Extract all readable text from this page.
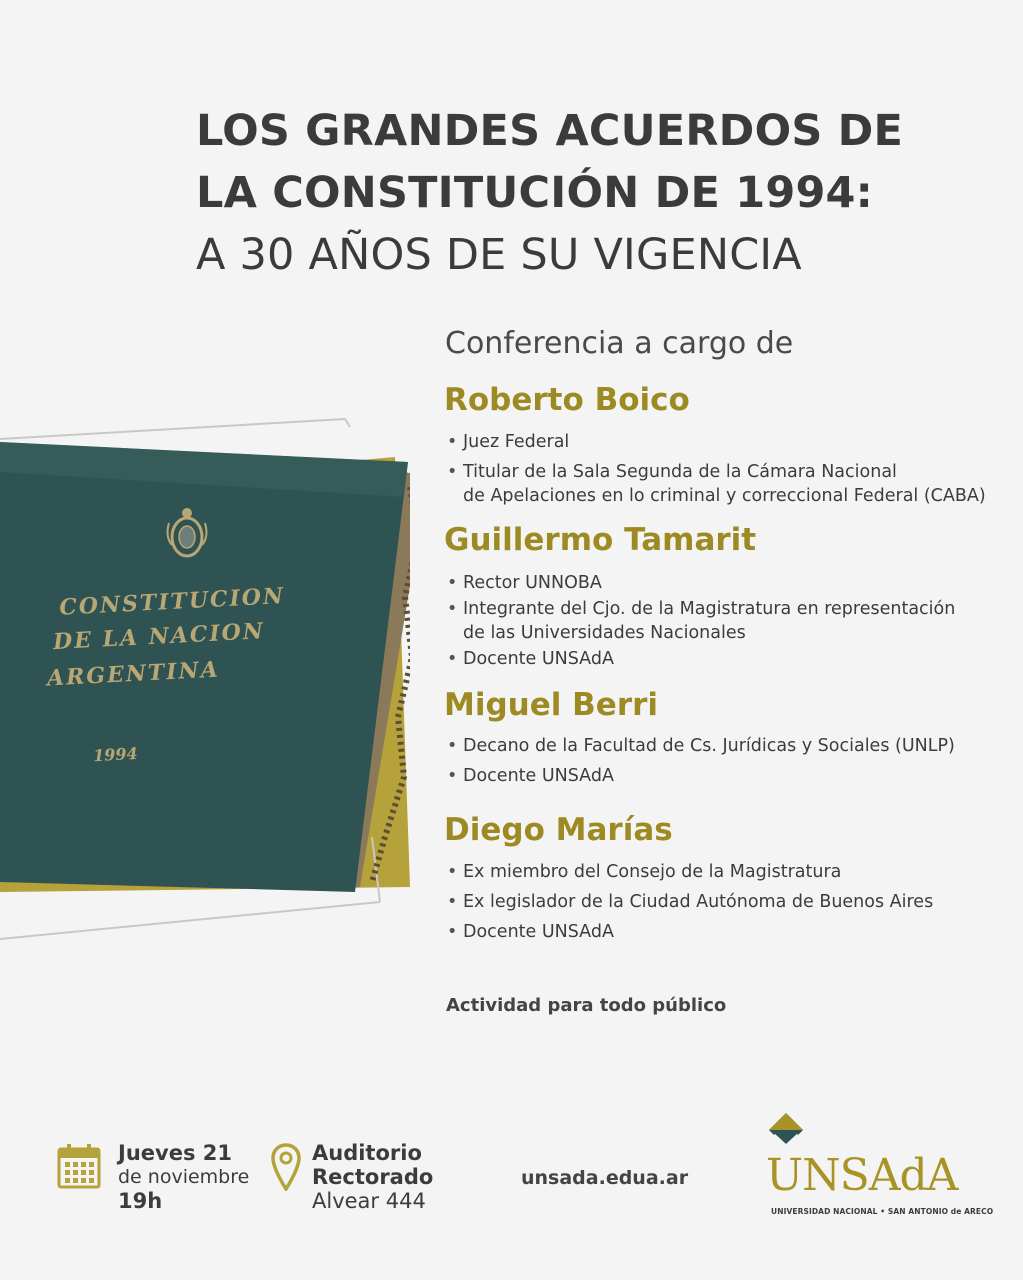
LOS GRANDES ACUERDOS DE
LA CONSTITUCIÓN DE 1994:
A 30 AÑOS DE SU VIGENCIA
CONSTITUCION
DE LA NACION
ARGENTINA
1994
Conferencia a cargo de
Roberto Boico
• Juez Federal
• Titular de la Sala Segunda de la Cámara Nacional
de Apelaciones en lo criminal y correccional Federal (CABA)
Guillermo Tamarit
• Rector UNNOBA
• Integrante del Cjo. de la Magistratura en representación
de las Universidades Nacionales
• Docente UNSAdA
Miguel Berri
• Decano de la Facultad de Cs. Jurídicas y Sociales (UNLP)
• Docente UNSAdA
Diego Marías
• Ex miembro del Consejo de la Magistratura
• Ex legislador de la Ciudad Autónoma de Buenos Aires
• Docente UNSAdA
Actividad para todo público
Jueves 21
de noviembre
19h
Auditorio
Rectorado
Alvear 444
unsada.edua.ar UNSAdA
UNIVERSIDAD NACIONAL • SAN ANTONIO de ARECO
